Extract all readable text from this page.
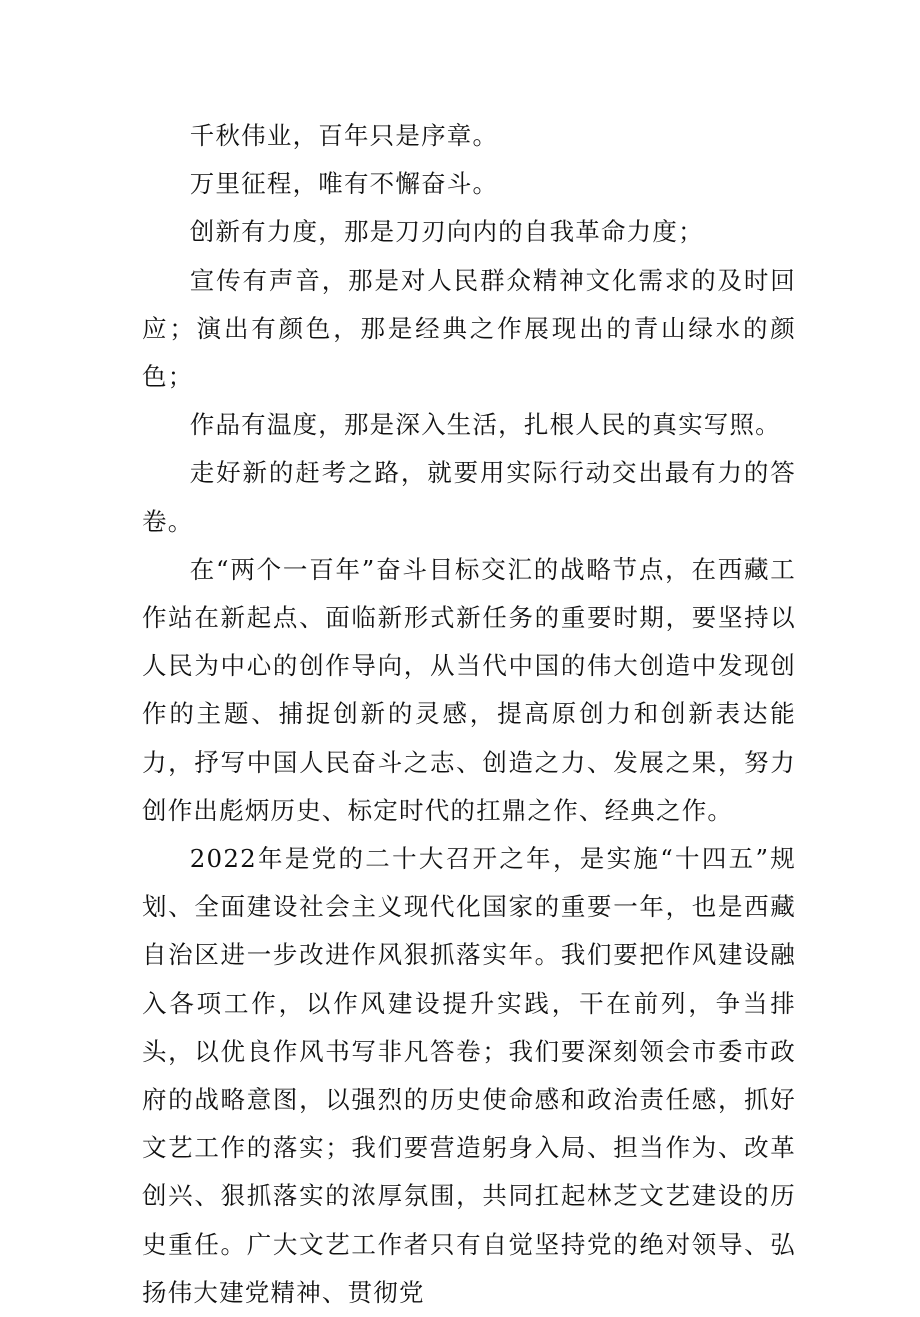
千秋伟业，百年只是序章。

万里征程，唯有不懈奋斗。

创新有力度，那是刀刃向内的自我革命力度；

宣传有声音，那是对人民群众精神文化需求的及时回应；演出有颜色，那是经典之作展现出的青山绿水的颜色；

作品有温度，那是深入生活，扎根人民的真实写照。

走好新的赶考之路，就要用实际行动交出最有力的答卷。

在“两个一百年”奋斗目标交汇的战略节点，在西藏工作站在新起点、面临新形式新任务的重要时期，要坚持以人民为中心的创作导向，从当代中国的伟大创造中发现创作的主题、捕捉创新的灵感，提高原创力和创新表达能力，抒写中国人民奋斗之志、创造之力、发展之果，努力创作出彪炳历史、标定时代的扛鼎之作、经典之作。

2022年是党的二十大召开之年，是实施“十四五”规划、全面建设社会主义现代化国家的重要一年，也是西藏自治区进一步改进作风狠抓落实年。我们要把作风建设融入各项工作，以作风建设提升实践，干在前列，争当排头，以优良作风书写非凡答卷；我们要深刻领会市委市政府的战略意图，以强烈的历史使命感和政治责任感，抓好文艺工作的落实；我们要营造躬身入局、担当作为、改革创兴、狠抓落实的浓厚氛围，共同扛起林芝文艺建设的历史重任。广大文艺工作者只有自觉坚持党的绝对领导、弘扬伟大建党精神、贯彻党
